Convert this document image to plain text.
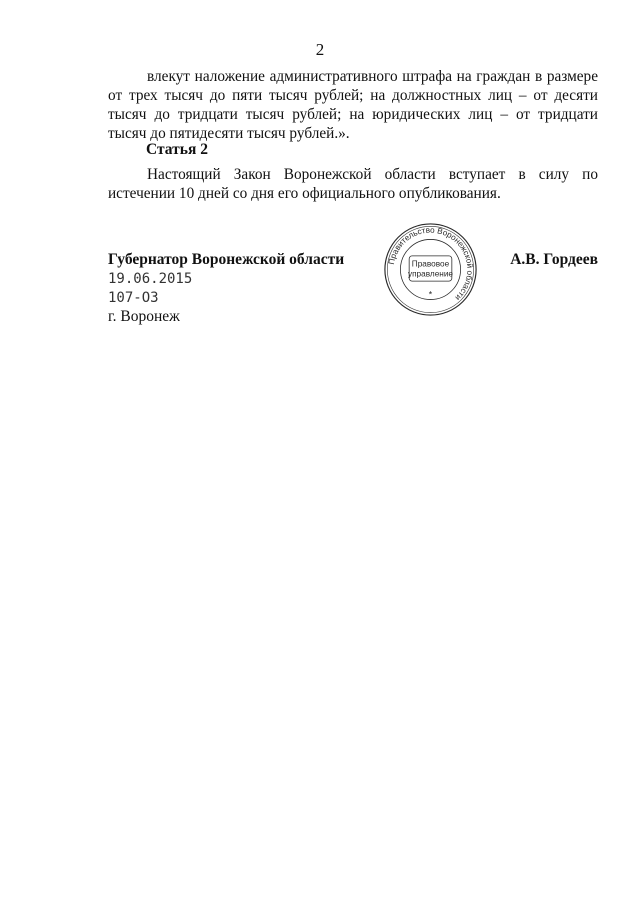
2

влекут наложение административного штрафа на граждан в размере от трех тысяч до пяти тысяч рублей; на должностных лиц – от десяти тысяч до тридцати тысяч рублей; на юридических лиц – от тридцати тысяч до пятидесяти тысяч рублей.».

Статья 2

Настоящий Закон Воронежской области вступает в силу по истечении 10 дней со дня его официального опубликования.

Губернатор Воронежской области	Правительство Воронежской области
Правовое
управление
*
А.В. Гордеев
19.06.2015
107-ОЗ
г. Воронеж
